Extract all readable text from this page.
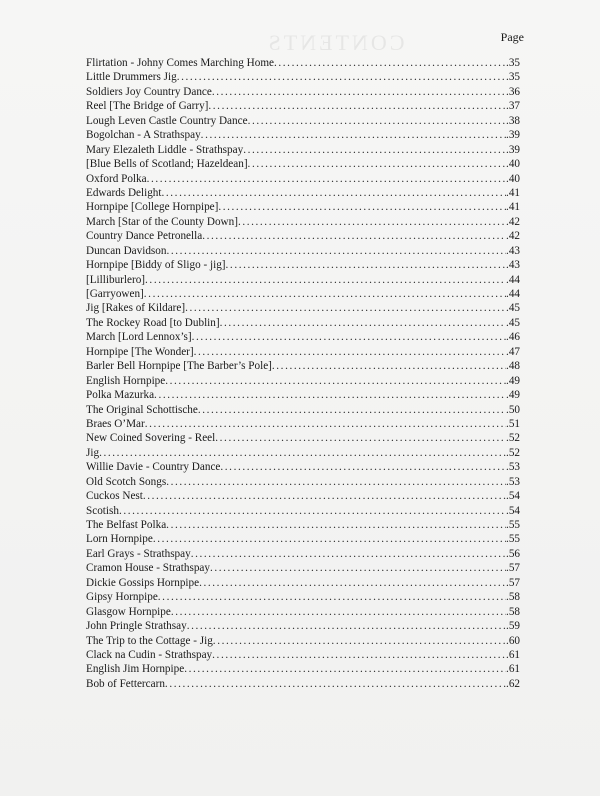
CONTENTS	Page
Flirtation - Johny Comes Marching Home . . .	.35
Little Drummers Jig . . .	.35
Soldiers Joy Country Dance . . .	.36
Reel [The Bridge of Garry] . . .	.37
Lough Leven Castle Country Dance . . .	.38
Bogolchan - A Strathspay . . .	.39
Mary Elezaleth Liddle - Strathspay . . .	.39
[Blue Bells of Scotland; Hazeldean] . . .	.40
Oxford Polka . . .	.40
Edwards Delight . . .	.41
Hornpipe [College Hornpipe] . . .	.41
March [Star of the County Down] . . .	.42
Country Dance Petronella . . .	.42
Duncan Davidson . . .	.43
Hornpipe [Biddy of Sligo - jig] . . .	.43
[Lilliburlero] . . .	.44
[Garryowen] . . .	.44
Jig [Rakes of Kildare] . . .	.45
The Rockey Road [to Dublin] . . .	.45
March [Lord Lennox’s] . . .	.46
Hornpipe [The Wonder] . . .	.47
Barler Bell Hornpipe [The Barber’s Pole] . . .	.48
English Hornpipe . . .	.49
Polka Mazurka . . .	.49
The Original Schottische . . .	.50
Braes O’Mar . . .	.51
New Coined Sovering - Reel . . .	.52
Jig . . .	.52
Willie Davie - Country Dance . . .	.53
Old Scotch Songs . . .	.53
Cuckos Nest . . .	.54
Scotish . . .	.54
The Belfast Polka . . .	.55
Lorn Hornpipe . . .	.55
Earl Grays - Strathspay . . .	.56
Cramon House - Strathspay . . .	.57
Dickie Gossips Hornpipe . . .	.57
Gipsy Hornpipe . . .	.58
Glasgow Hornpipe . . .	.58
John Pringle Strathsay . . .	.59
The Trip to the Cottage - Jig . . .	.60
Clack na Cudin - Strathspay . . .	.61
English Jim Hornpipe . . .	.61
Bob of Fettercarn . . .	.62
